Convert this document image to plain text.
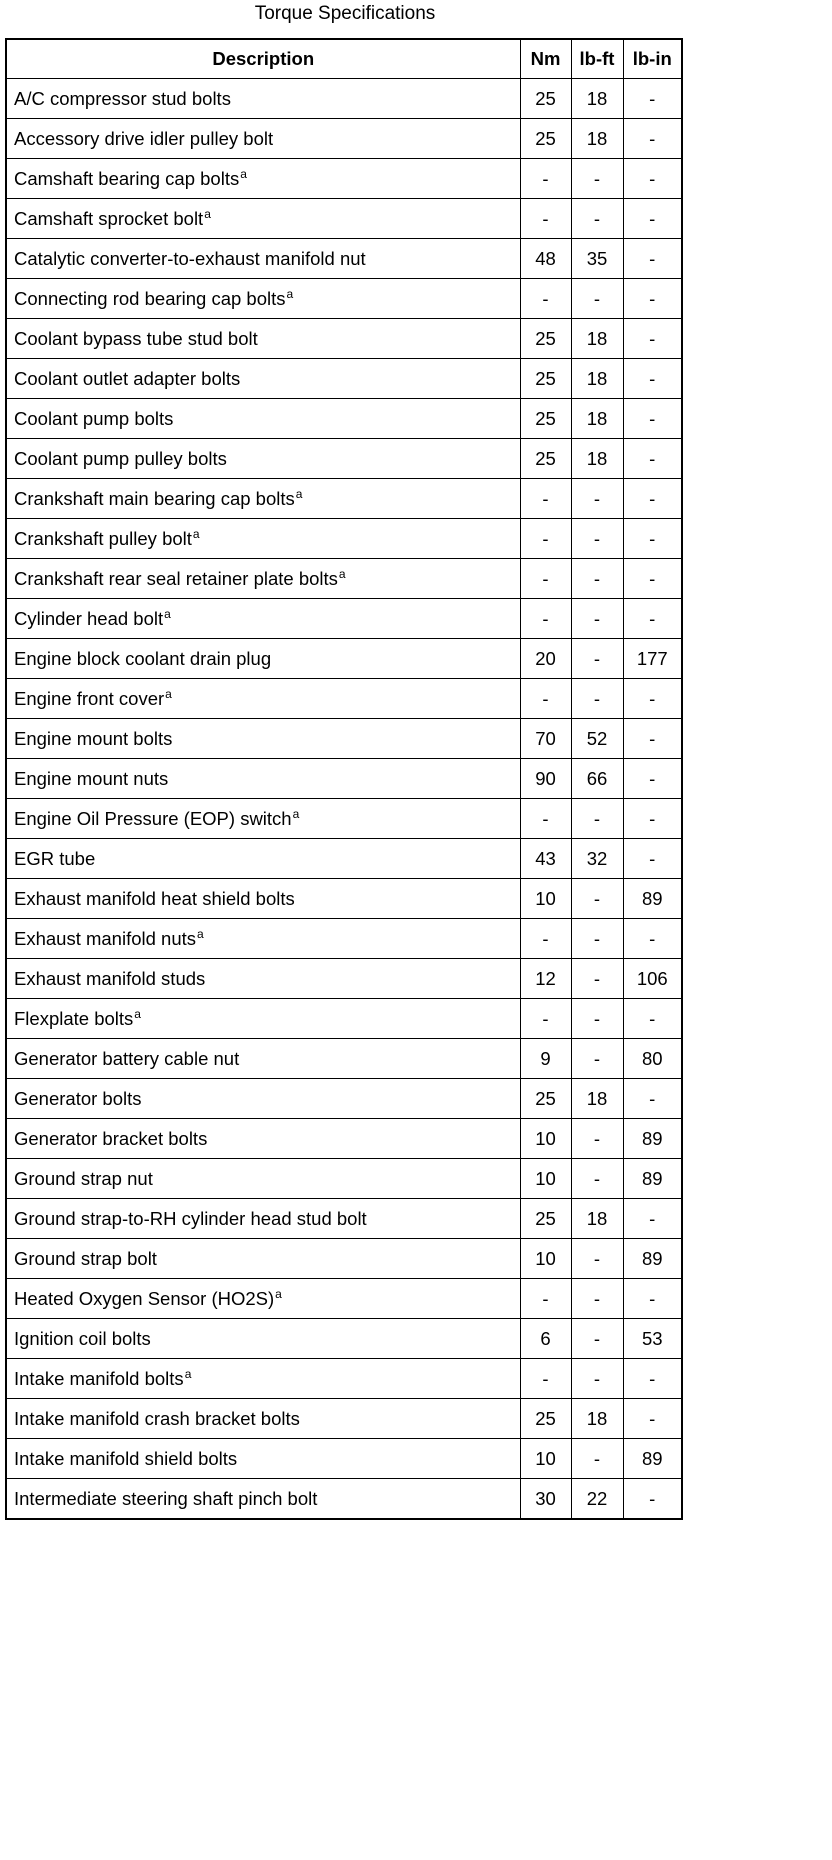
Torque Specifications
Description	Nm	lb-ft	lb-in
A/C compressor stud bolts	25	18	-
Accessory drive idler pulley bolt	25	18	-
Camshaft bearing cap bolts$^a$	-	-	-
Camshaft sprocket bolt$^a$	-	-	-
Catalytic converter-to-exhaust manifold nut	48	35	-
Connecting rod bearing cap bolts$^a$	-	-	-
Coolant bypass tube stud bolt	25	18	-
Coolant outlet adapter bolts	25	18	-
Coolant pump bolts	25	18	-
Coolant pump pulley bolts	25	18	-
Crankshaft main bearing cap bolts$^a$	-	-	-
Crankshaft pulley bolt$^a$	-	-	-
Crankshaft rear seal retainer plate bolts$^a$	-	-	-
Cylinder head bolt$^a$	-	-	-
Engine block coolant drain plug	20	-	177
Engine front cover$^a$	-	-	-
Engine mount bolts	70	52	-
Engine mount nuts	90	66	-
Engine Oil Pressure (EOP) switch$^a$	-	-	-
EGR tube	43	32	-
Exhaust manifold heat shield bolts	10	-	89
Exhaust manifold nuts$^a$	-	-	-
Exhaust manifold studs	12	-	106
Flexplate bolts$^a$	-	-	-
Generator battery cable nut	9	-	80
Generator bolts	25	18	-
Generator bracket bolts	10	-	89
Ground strap nut	10	-	89
Ground strap-to-RH cylinder head stud bolt	25	18	-
Ground strap bolt	10	-	89
Heated Oxygen Sensor (HO2S)$^a$	-	-	-
Ignition coil bolts	6	-	53
Intake manifold bolts$^a$	-	-	-
Intake manifold crash bracket bolts	25	18	-
Intake manifold shield bolts	10	-	89
Intermediate steering shaft pinch bolt	30	22	-
